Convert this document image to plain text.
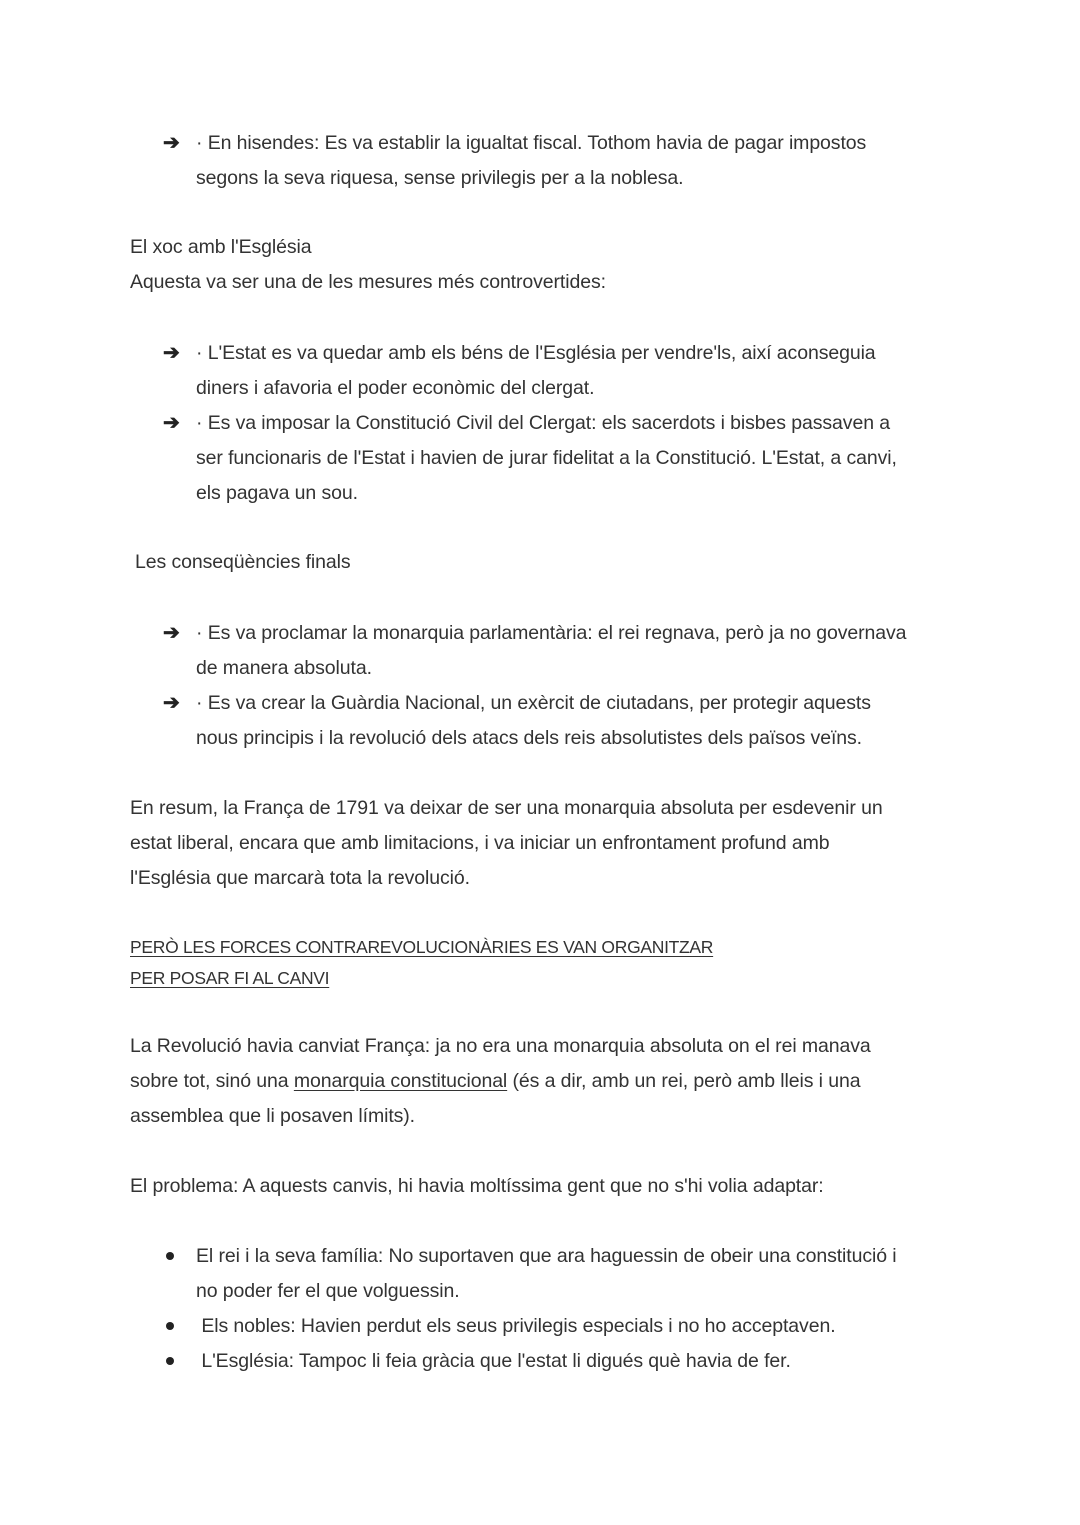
➔ · En hisendes: Es va establir la igualtat fiscal. Tothom havia de pagar impostos
segons la seva riquesa, sense privilegis per a la noblesa.
El xoc amb l'Església
Aquesta va ser una de les mesures més controvertides:
➔ · L'Estat es va quedar amb els béns de l'Església per vendre'ls, així aconseguia
diners i afavoria el poder econòmic del clergat.
➔ · Es va imposar la Constitució Civil del Clergat: els sacerdots i bisbes passaven a
ser funcionaris de l'Estat i havien de jurar fidelitat a la Constitució. L'Estat, a canvi,
els pagava un sou.
Les conseqüències finals
➔ · Es va proclamar la monarquia parlamentària: el rei regnava, però ja no governava
de manera absoluta.
➔ · Es va crear la Guàrdia Nacional, un exèrcit de ciutadans, per protegir aquests
nous principis i la revolució dels atacs dels reis absolutistes dels països veïns.
En resum, la França de 1791 va deixar de ser una monarquia absoluta per esdevenir un
estat liberal, encara que amb limitacions, i va iniciar un enfrontament profund amb
l'Església que marcarà tota la revolució.
PERÒ LES FORCES CONTRAREVOLUCIONÀRIES ES VAN ORGANITZAR
PER POSAR FI AL CANVI
La Revolució havia canviat França: ja no era una monarquia absoluta on el rei manava
sobre tot, sinó una monarquia constitucional (és a dir, amb un rei, però amb lleis i una
assemblea que li posaven límits).
El problema: A aquests canvis, hi havia moltíssima gent que no s'hi volia adaptar:
El rei i la seva família: No suportaven que ara haguessin de obeir una constitució i
no poder fer el que volguessin.
Els nobles: Havien perdut els seus privilegis especials i no ho acceptaven.
L'Església: Tampoc li feia gràcia que l'estat li digués què havia de fer.
